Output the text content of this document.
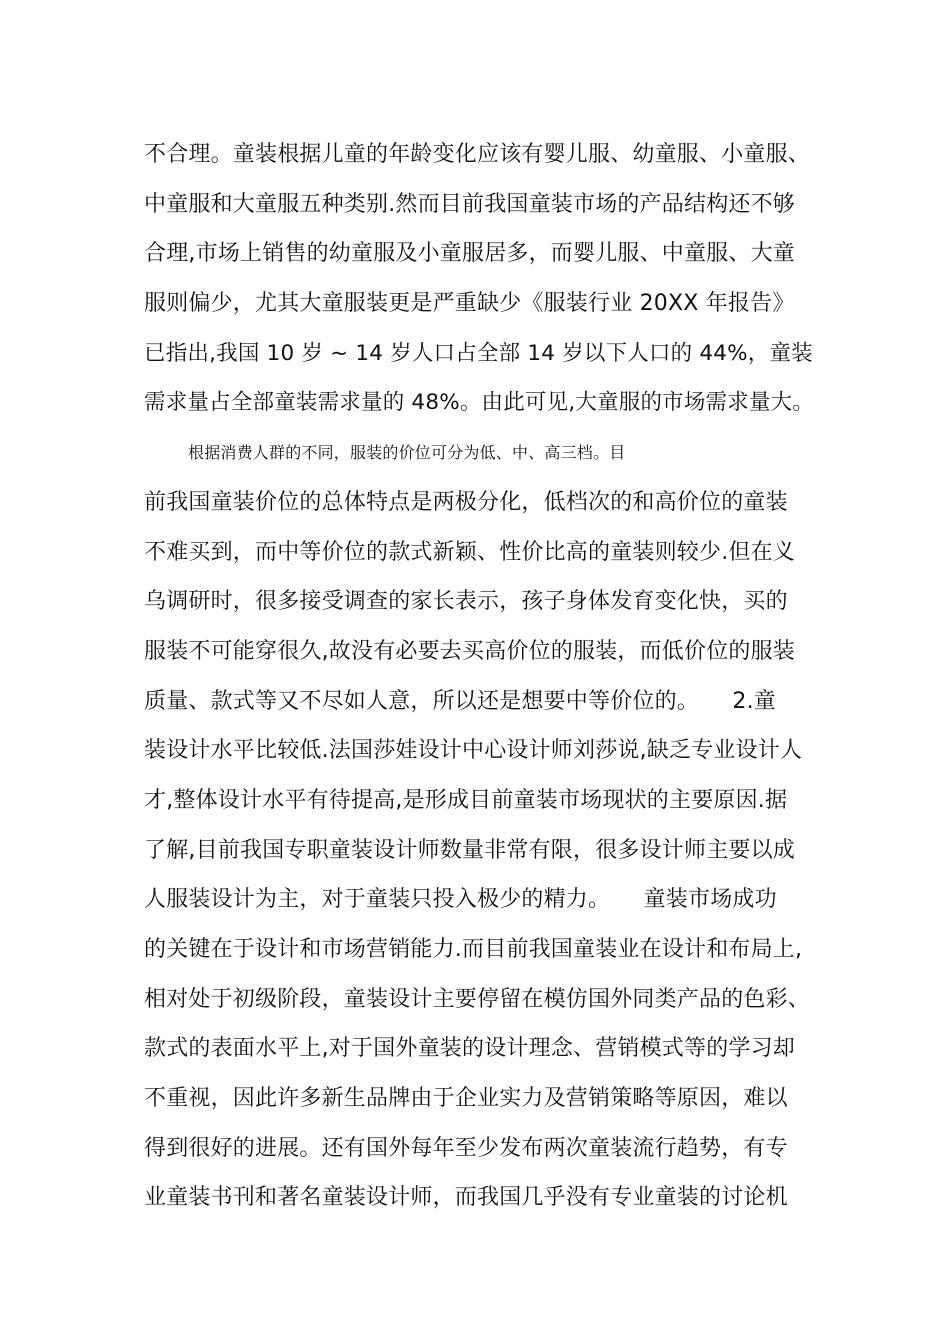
不合理。童装根据儿童的年龄变化应该有婴儿服、幼童服、小童服、
中童服和大童服五种类别.然而目前我国童装市场的产品结构还不够
合理,市场上销售的幼童服及小童服居多，而婴儿服、中童服、大童
服则偏少，尤其大童服装更是严重缺少《服装行业 20XX 年报告》
已指出,我国 10 岁 ~ 14 岁人口占全部 14 岁以下人口的 44%，童装
需求量占全部童装需求量的 48%。由此可见,大童服的市场需求量大。
根据消费人群的不同，服装的价位可分为低、中、高三档。目
前我国童装价位的总体特点是两极分化，低档次的和高价位的童装
不难买到，而中等价位的款式新颖、性价比高的童装则较少.但在义
乌调研时，很多接受调查的家长表示，孩子身体发育变化快，买的
服装不可能穿很久,故没有必要去买高价位的服装，而低价位的服装
质量、款式等又不尽如人意，所以还是想要中等价位的。　　2.童
装设计水平比较低.法国莎娃设计中心设计师刘莎说,缺乏专业设计人
才,整体设计水平有待提高,是形成目前童装市场现状的主要原因.据
了解,目前我国专职童装设计师数量非常有限，很多设计师主要以成
人服装设计为主，对于童装只投入极少的精力。　　童装市场成功
的关键在于设计和市场营销能力.而目前我国童装业在设计和布局上,
相对处于初级阶段，童装设计主要停留在模仿国外同类产品的色彩、
款式的表面水平上,对于国外童装的设计理念、营销模式等的学习却
不重视，因此许多新生品牌由于企业实力及营销策略等原因，难以
得到很好的进展。还有国外每年至少发布两次童装流行趋势，有专
业童装书刊和著名童装设计师，而我国几乎没有专业童装的讨论机
